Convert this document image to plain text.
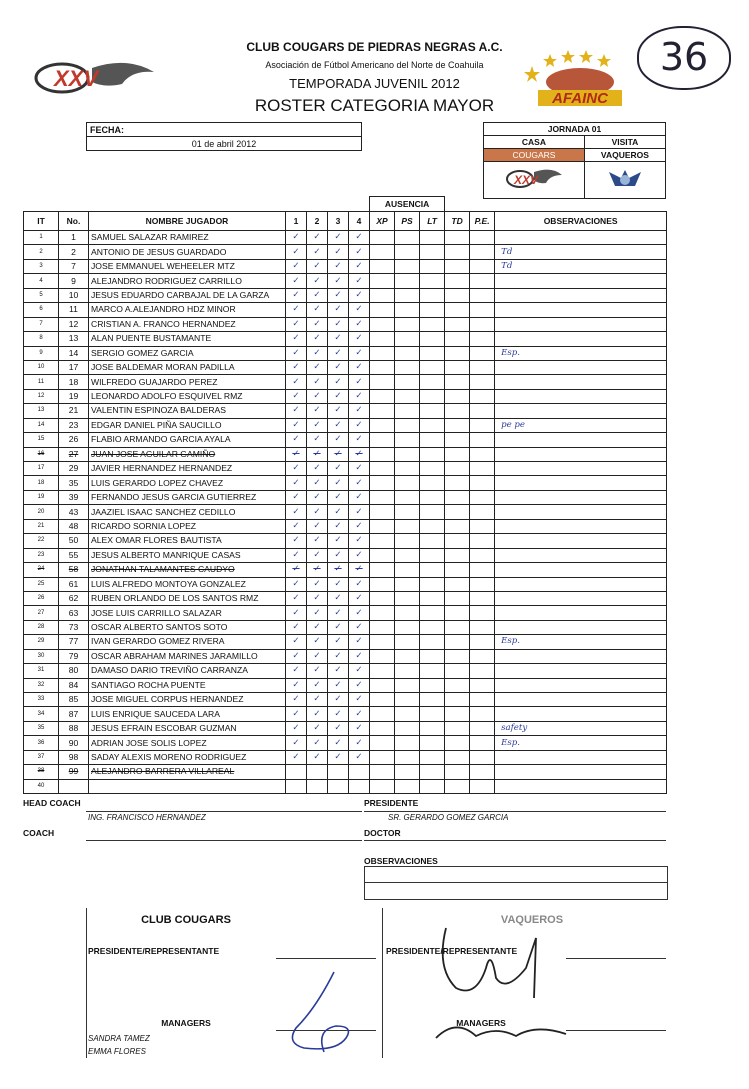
CLUB COUGARS DE PIEDRAS NEGRAS A.C.
Asociación de Fútbol Americano del Norte de Coahuila
TEMPORADA JUVENIL 2012
ROSTER CATEGORIA MAYOR
36
XXV
AFAINC
FECHA:
01 de abril 2012
JORNADA 01	
CASA	VISITA
COUGARS	VAQUEROS

XXV

							AUSENCIA					
IT	No.	NOMBRE JUGADOR	1	2	3	4	XP	PS	LT	TD	P.E.	OBSERVACIONES
1	1	SAMUEL SALAZAR RAMIREZ	✓	✓	✓	✓						
2	2	ANTONIO DE JESUS GUARDADO	✓	✓	✓	✓						Td
3	7	JOSE EMMANUEL WEHEELER MTZ	✓	✓	✓	✓						Td
4	9	ALEJANDRO RODRIGUEZ CARRILLO	✓	✓	✓	✓						
5	10	JESUS EDUARDO CARBAJAL DE LA GARZA	✓	✓	✓	✓						
6	11	MARCO A.ALEJANDRO HDZ MINOR	✓	✓	✓	✓						
7	12	CRISTIAN A. FRANCO HERNANDEZ	✓	✓	✓	✓						
8	13	ALAN PUENTE BUSTAMANTE	✓	✓	✓	✓						
9	14	SERGIO GOMEZ GARCIA	✓	✓	✓	✓						Esp.
10	17	JOSE BALDEMAR MORAN PADILLA	✓	✓	✓	✓						
11	18	WILFREDO GUAJARDO PEREZ	✓	✓	✓	✓						
12	19	LEONARDO ADOLFO ESQUIVEL RMZ	✓	✓	✓	✓						
13	21	VALENTIN ESPINOZA BALDERAS	✓	✓	✓	✓						
14	23	EDGAR DANIEL PIÑA SAUCILLO	✓	✓	✓	✓						pe pe
15	26	FLABIO ARMANDO GARCIA AYALA	✓	✓	✓	✓						
16	27	JUAN JOSE AGUILAR GAMIÑO	✓	✓	✓	✓						
17	29	JAVIER HERNANDEZ HERNANDEZ	✓	✓	✓	✓						
18	35	LUIS GERARDO LOPEZ CHAVEZ	✓	✓	✓	✓						
19	39	FERNANDO JESUS GARCIA GUTIERREZ	✓	✓	✓	✓						
20	43	JAAZIEL ISAAC SANCHEZ CEDILLO	✓	✓	✓	✓						
21	48	RICARDO SORNIA LOPEZ	✓	✓	✓	✓						
22	50	ALEX OMAR FLORES BAUTISTA	✓	✓	✓	✓						
23	55	JESUS ALBERTO MANRIQUE CASAS	✓	✓	✓	✓						
24	58	JONATHAN TALAMANTES CAUDYO	✓	✓	✓	✓						
25	61	LUIS ALFREDO MONTOYA GONZALEZ	✓	✓	✓	✓						
26	62	RUBEN ORLANDO DE LOS SANTOS RMZ	✓	✓	✓	✓						
27	63	JOSE LUIS CARRILLO SALAZAR	✓	✓	✓	✓						
28	73	OSCAR ALBERTO SANTOS SOTO	✓	✓	✓	✓						
29	77	IVAN GERARDO GOMEZ RIVERA	✓	✓	✓	✓						Esp.
30	79	OSCAR ABRAHAM MARINES JARAMILLO	✓	✓	✓	✓						
31	80	DAMASO DARIO TREVIÑO CARRANZA	✓	✓	✓	✓						
32	84	SANTIAGO ROCHA PUENTE	✓	✓	✓	✓						
33	85	JOSE MIGUEL CORPUS HERNANDEZ	✓	✓	✓	✓						
34	87	LUIS ENRIQUE SAUCEDA LARA	✓	✓	✓	✓						
35	88	JESUS EFRAIN ESCOBAR GUZMAN	✓	✓	✓	✓						safety
36	90	ADRIAN JOSE SOLIS LOPEZ	✓	✓	✓	✓						Esp.
37	98	SADAY ALEXIS MORENO RODRIGUEZ	✓	✓	✓	✓						
38	99	ALEJANDRO BARRERA VILLAREAL										
40												
HEAD COACH
ING. FRANCISCO HERNANDEZ
PRESIDENTE
SR. GERARDO GOMEZ GARCIA
COACH	DOCTOR
OBSERVACIONES
CLUB COUGARS	VAQUEROS
PRESIDENTE/REPRESENTANTE	PRESIDENTE/REPRESENTANTE
MANAGERS	MANAGERS
SANDRA TAMEZ
EMMA FLORES
